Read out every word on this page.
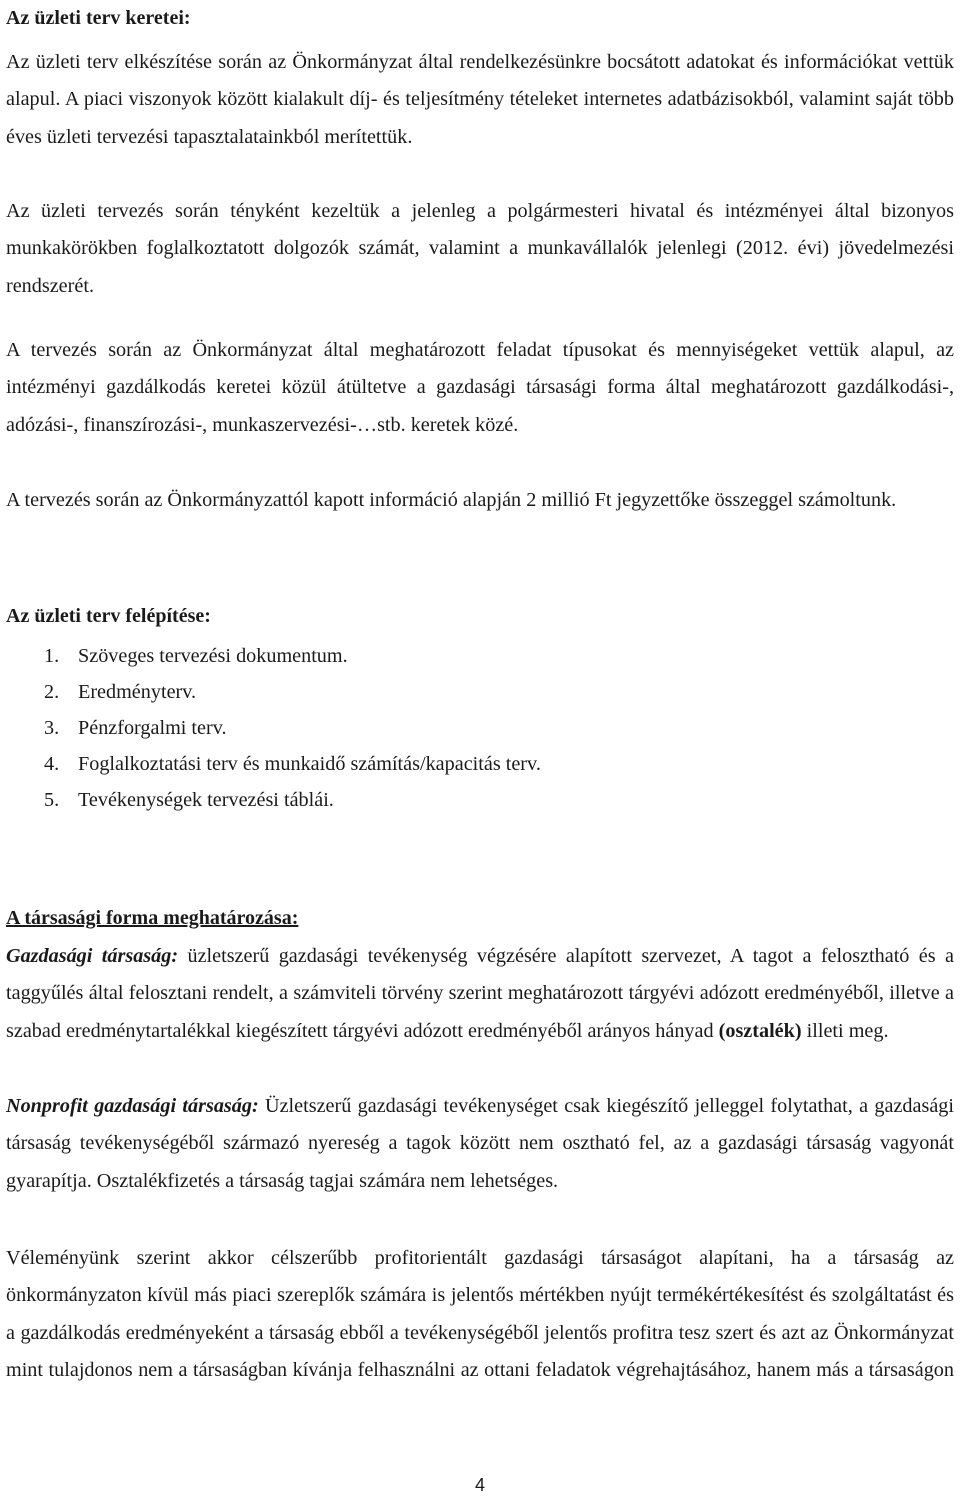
Az üzleti terv keretei:

Az üzleti terv elkészítése során az Önkormányzat által rendelkezésünkre bocsátott adatokat és információkat vettük alapul. A piaci viszonyok között kialakult díj- és teljesítmény tételeket internetes adatbázisokból, valamint saját több éves üzleti tervezési tapasztalatainkból merítettük.

Az üzleti tervezés során tényként kezeltük a jelenleg a polgármesteri hivatal és intézményei által bizonyos munkakörökben foglalkoztatott dolgozók számát, valamint a munkavállalók jelenlegi (2012. évi) jövedelmezési rendszerét.

A tervezés során az Önkormányzat által meghatározott feladat típusokat és mennyiségeket vettük alapul, az intézményi gazdálkodás keretei közül átültetve a gazdasági társasági forma által meghatározott gazdálkodási-, adózási-, finanszírozási-, munkaszervezési-…stb. keretek közé.

A tervezés során az Önkormányzattól kapott információ alapján 2 millió Ft jegyzettőke összeggel számoltunk.

Az üzleti terv felépítése:
1. Szöveges tervezési dokumentum.
2. Eredményterv.
3. Pénzforgalmi terv.
4. Foglalkoztatási terv és munkaidő számítás/kapacitás terv.
5. Tevékenységek tervezési táblái.
A társasági forma meghatározása:

Gazdasági társaság: üzletszerű gazdasági tevékenység végzésére alapított szervezet, A tagot a felosztható és a taggyűlés által felosztani rendelt, a számviteli törvény szerint meghatározott tárgyévi adózott eredményéből, illetve a szabad eredménytartalékkal kiegészített tárgyévi adózott eredményéből arányos hányad (osztalék) illeti meg.

Nonprofit gazdasági társaság: Üzletszerű gazdasági tevékenységet csak kiegészítő jelleggel folytathat, a gazdasági társaság tevékenységéből származó nyereség a tagok között nem osztható fel, az a gazdasági társaság vagyonát gyarapítja. Osztalékfizetés a társaság tagjai számára nem lehetséges.

Véleményünk szerint akkor célszerűbb profitorientált gazdasági társaságot alapítani, ha a társaság az önkormányzaton kívül más piaci szereplők számára is jelentős mértékben nyújt termékértékesítést és szolgáltatást és a gazdálkodás eredményeként a társaság ebből a tevékenységéből jelentős profitra tesz szert és azt az Önkormányzat mint tulajdonos nem a társaságban kívánja felhasználni az ottani feladatok végrehajtásához, hanem más a társaságon

4
